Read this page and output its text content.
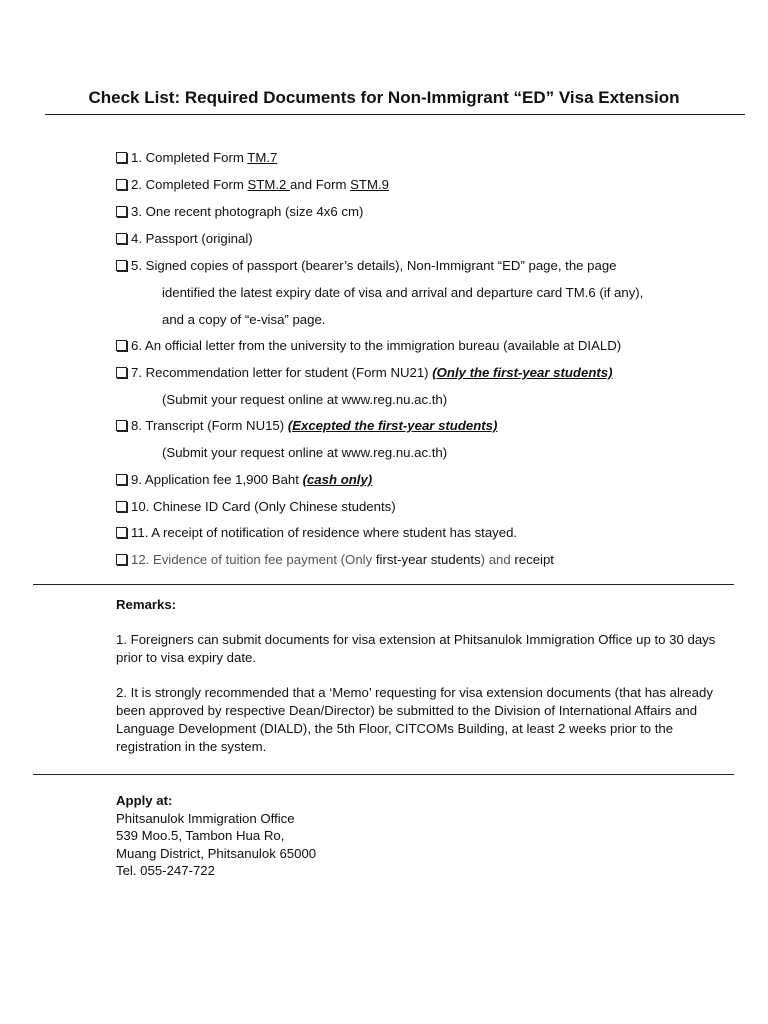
Check List: Required Documents for Non-Immigrant “ED” Visa Extension
1. Completed Form TM.7
2. Completed Form STM.2 and Form STM.9
3. One recent photograph (size 4x6 cm)
4. Passport (original)
5. Signed copies of passport (bearer’s details), Non-Immigrant “ED” page, the page
identified the latest expiry date of visa and arrival and departure card TM.6 (if any),
and a copy of “e-visa” page.
6. An official letter from the university to the immigration bureau (available at DIALD)
7. Recommendation letter for student (Form NU21) (Only the first-year students)
(Submit your request online at www.reg.nu.ac.th)
8. Transcript (Form NU15) (Excepted the first-year students)
(Submit your request online at www.reg.nu.ac.th)
9. Application fee 1,900 Baht (cash only)
10. Chinese ID Card (Only Chinese students)
11. A receipt of notification of residence where student has stayed.
12. Evidence of tuition fee payment (Only first-year students) and receipt

Remarks:

1. Foreigners can submit documents for visa extension at Phitsanulok Immigration Office up to 30 days prior to visa expiry date.

2. It is strongly recommended that a ‘Memo’ requesting for visa extension documents (that has already been approved by respective Dean/Director) be submitted to the Division of International Affairs and Language Development (DIALD), the 5th Floor, CITCOMs Building, at least 2 weeks prior to the registration in the system.

Apply at:
Phitsanulok Immigration Office
539 Moo.5, Tambon Hua Ro,
Muang District, Phitsanulok 65000
Tel. 055-247-722
